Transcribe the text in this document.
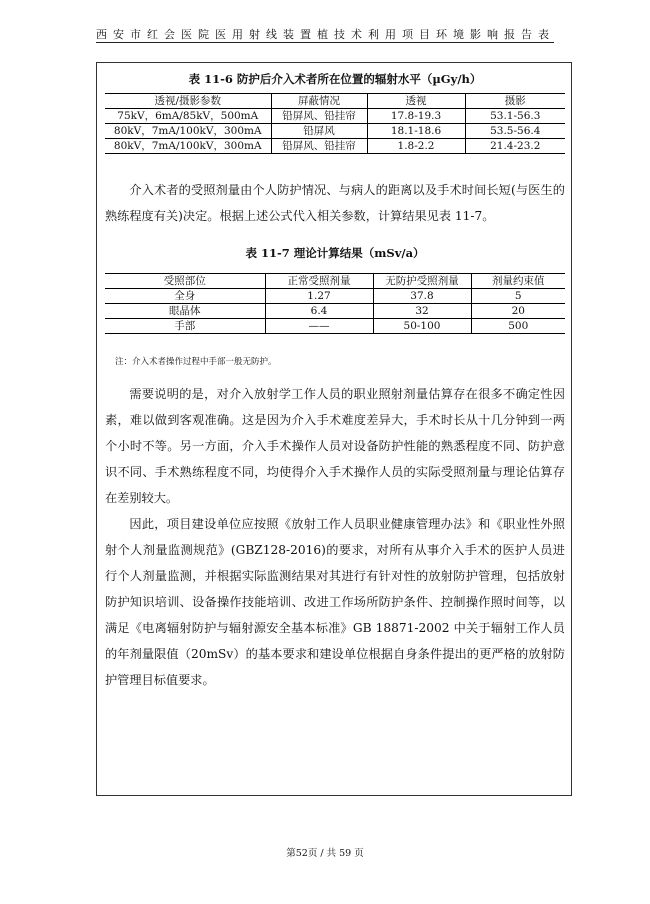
西安市红会医院医用射线装置植技术利用项目环境影响报告表
表 11-6 防护后介入术者所在位置的辐射水平（µGy/h）
透视/摄影参数	屏蔽情况	透视	摄影
75kV，6mA/85kV，500mA	铅屏风、铅挂帘	17.8-19.3	53.1-56.3
80kV，7mA/100kV，300mA	铅屏风	18.1-18.6	53.5-56.4
80kV，7mA/100kV，300mA	铅屏风、铅挂帘	1.8-2.2	21.4-23.2

介入术者的受照剂量由个人防护情况、与病人的距离以及手术时间长短(与医生的熟练程度有关)决定。根据上述公式代入相关参数，计算结果见表 11-7。

表 11-7 理论计算结果（mSv/a）
受照部位	正常受照剂量	无防护受照剂量	剂量约束值
全身	1.27	37.8	5
眼晶体	6.4	32	20
手部	——	50-100	500
注：介入术者操作过程中手部一般无防护。

需要说明的是，对介入放射学工作人员的职业照射剂量估算存在很多不确定性因素，难以做到客观准确。这是因为介入手术难度差异大，手术时长从十几分钟到一两个小时不等。另一方面，介入手术操作人员对设备防护性能的熟悉程度不同、防护意识不同、手术熟练程度不同，均使得介入手术操作人员的实际受照剂量与理论估算存在差别较大。

因此，项目建设单位应按照《放射工作人员职业健康管理办法》和《职业性外照射个人剂量监测规范》(GBZ128-2016)的要求，对所有从事介入手术的医护人员进行个人剂量监测，并根据实际监测结果对其进行有针对性的放射防护管理，包括放射防护知识培训、设备操作技能培训、改进工作场所防护条件、控制操作照时间等，以满足《电离辐射防护与辐射源安全基本标准》GB 18871-2002 中关于辐射工作人员的年剂量限值（20mSv）的基本要求和建设单位根据自身条件提出的更严格的放射防护管理目标值要求。

第52页 / 共 59 页
